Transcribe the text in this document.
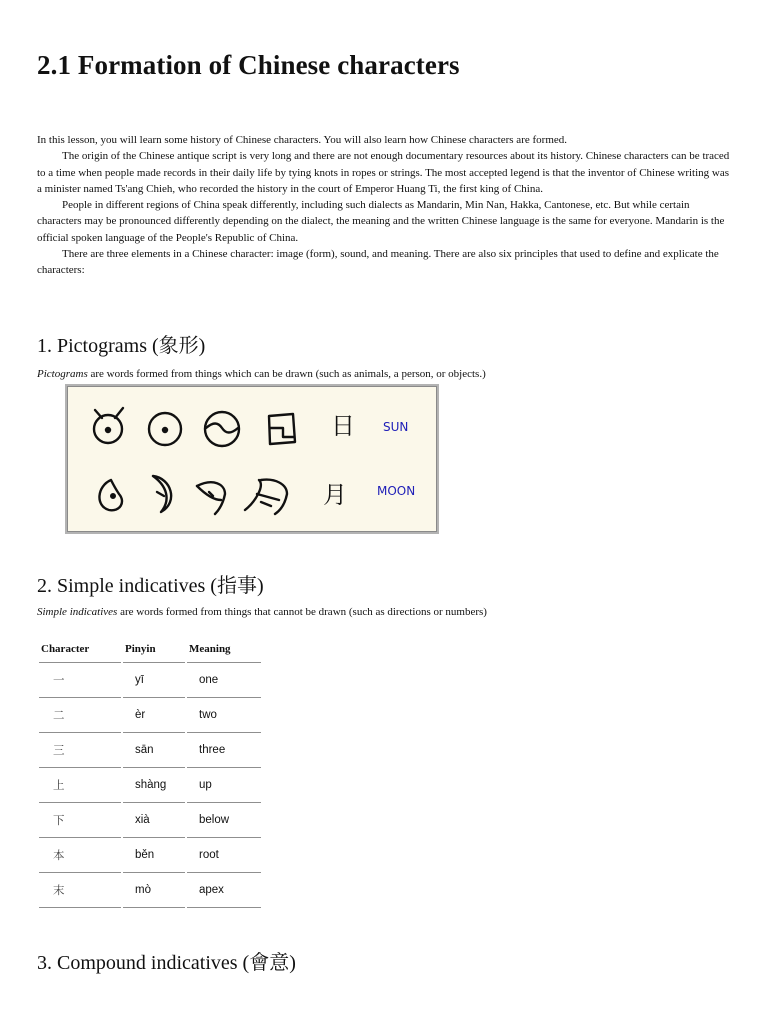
2.1 Formation of Chinese characters

In this lesson, you will learn some history of Chinese characters. You will also learn how Chinese characters are formed.

The origin of the Chinese antique script is very long and there are not enough documentary resources about its history. Chinese characters can be traced to a time when people made records in their daily life by tying knots in ropes or strings. The most accepted legend is that the inventor of Chinese writing was a minister named Ts'ang Chieh, who recorded the history in the court of Emperor Huang Ti, the first king of China.

People in different regions of China speak differently, including such dialects as Mandarin, Min Nan, Hakka, Cantonese, etc. But while certain characters may be pronounced differently depending on the dialect, the meaning and the written Chinese language is the same for everyone. Mandarin is the official spoken language of the People's Republic of China.

There are three elements in a Chinese character: image (form), sound, and meaning. There are also six principles that used to define and explicate the characters:

1. Pictograms (象形)

Pictograms are words formed from things which can be drawn (such as animals, a person, or objects.)

日 SUN
月	MOON
2. Simple indicatives (指事)

Simple indicatives are words formed from things that cannot be drawn (such as directions or numbers)

Character	Pinyin	Meaning
一	yī	one
二	èr	two
三	sān	three
上	shàng	up
下	xià	below
本	běn	root
末	mò	apex
3. Compound indicatives (會意)
